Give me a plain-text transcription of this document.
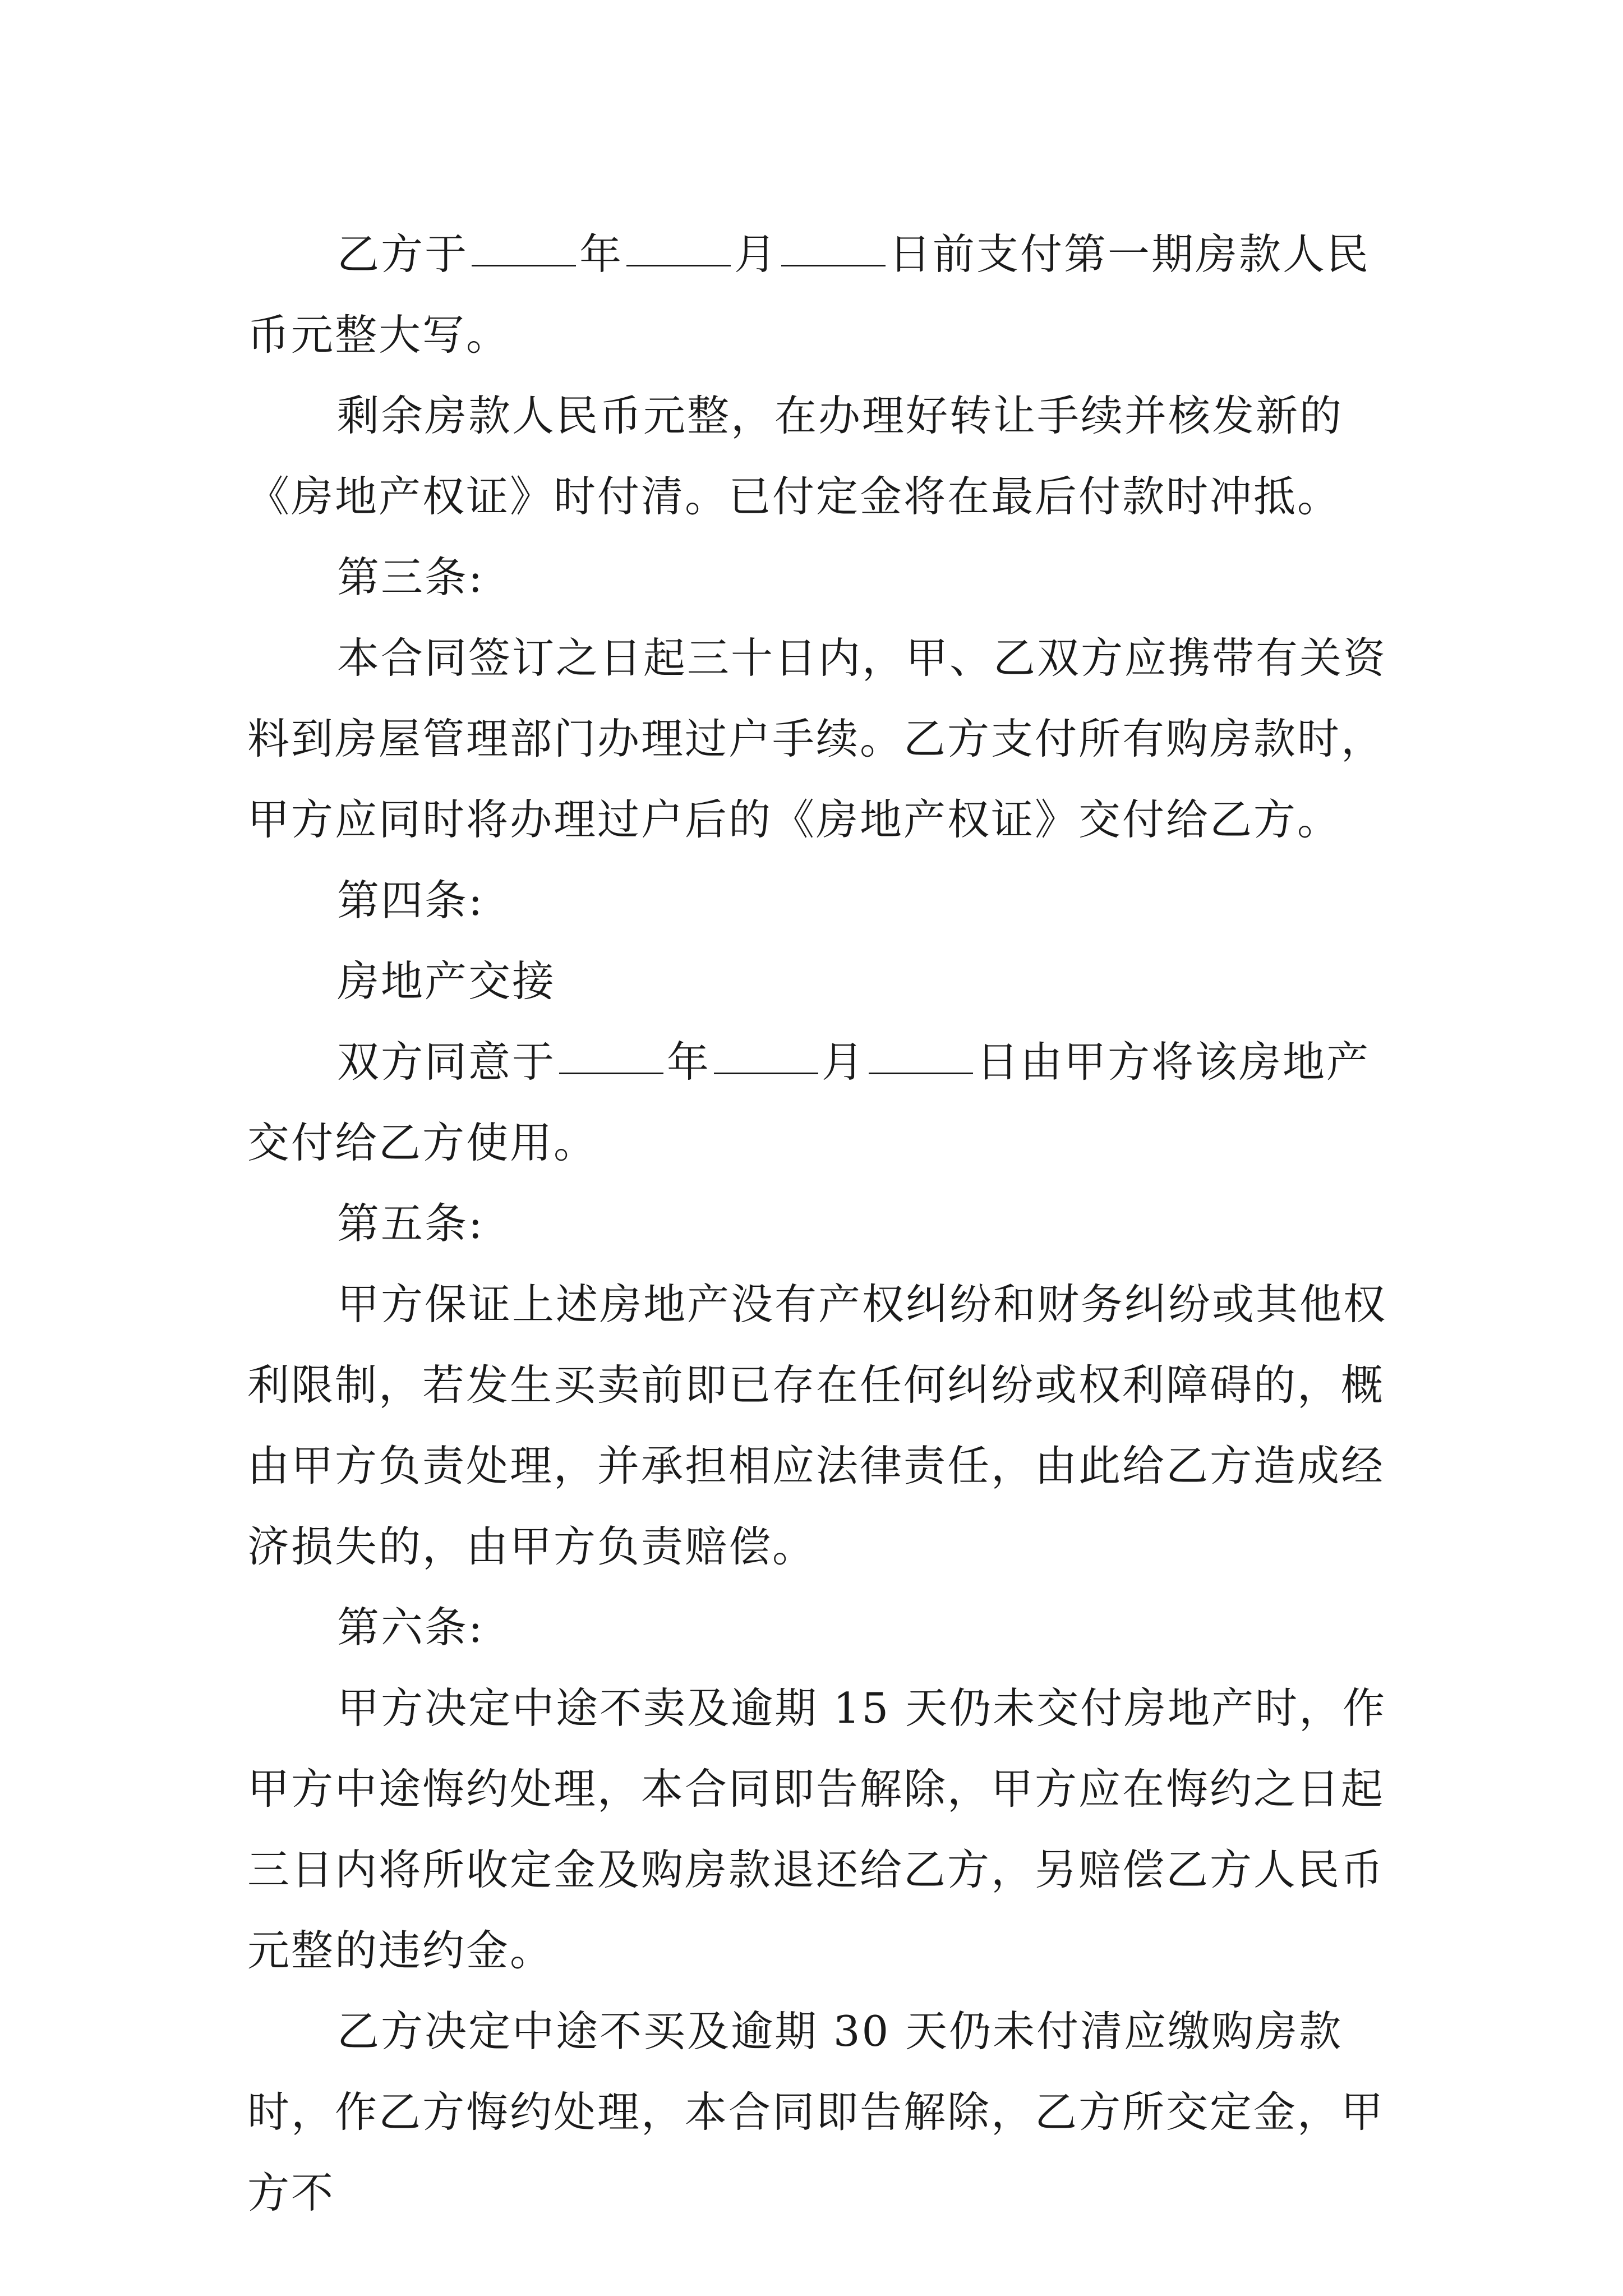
乙方于	年	月	日前支付第一期房款人民币元整大写。

剩余房款人民币元整，在办理好转让手续并核发新的《房地产权证》时付清。已付定金将在最后付款时冲抵。

第三条:

本合同签订之日起三十日内，甲、乙双方应携带有关资料到房屋管理部门办理过户手续。乙方支付所有购房款时，甲方应同时将办理过户后的《房地产权证》交付给乙方。

第四条:

房地产交接

双方同意于	年	月	日由甲方将该房地产交付给乙方使用。

第五条:

甲方保证上述房地产没有产权纠纷和财务纠纷或其他权利限制，若发生买卖前即已存在任何纠纷或权利障碍的，概由甲方负责处理，并承担相应法律责任，由此给乙方造成经济损失的，由甲方负责赔偿。

第六条:

甲方决定中途不卖及逾期 15 天仍未交付房地产时，作甲方中途悔约处理，本合同即告解除，甲方应在悔约之日起三日内将所收定金及购房款退还给乙方，另赔偿乙方人民币元整的违约金。

乙方决定中途不买及逾期 30 天仍未付清应缴购房款时，作乙方悔约处理，本合同即告解除，乙方所交定金，甲方不
